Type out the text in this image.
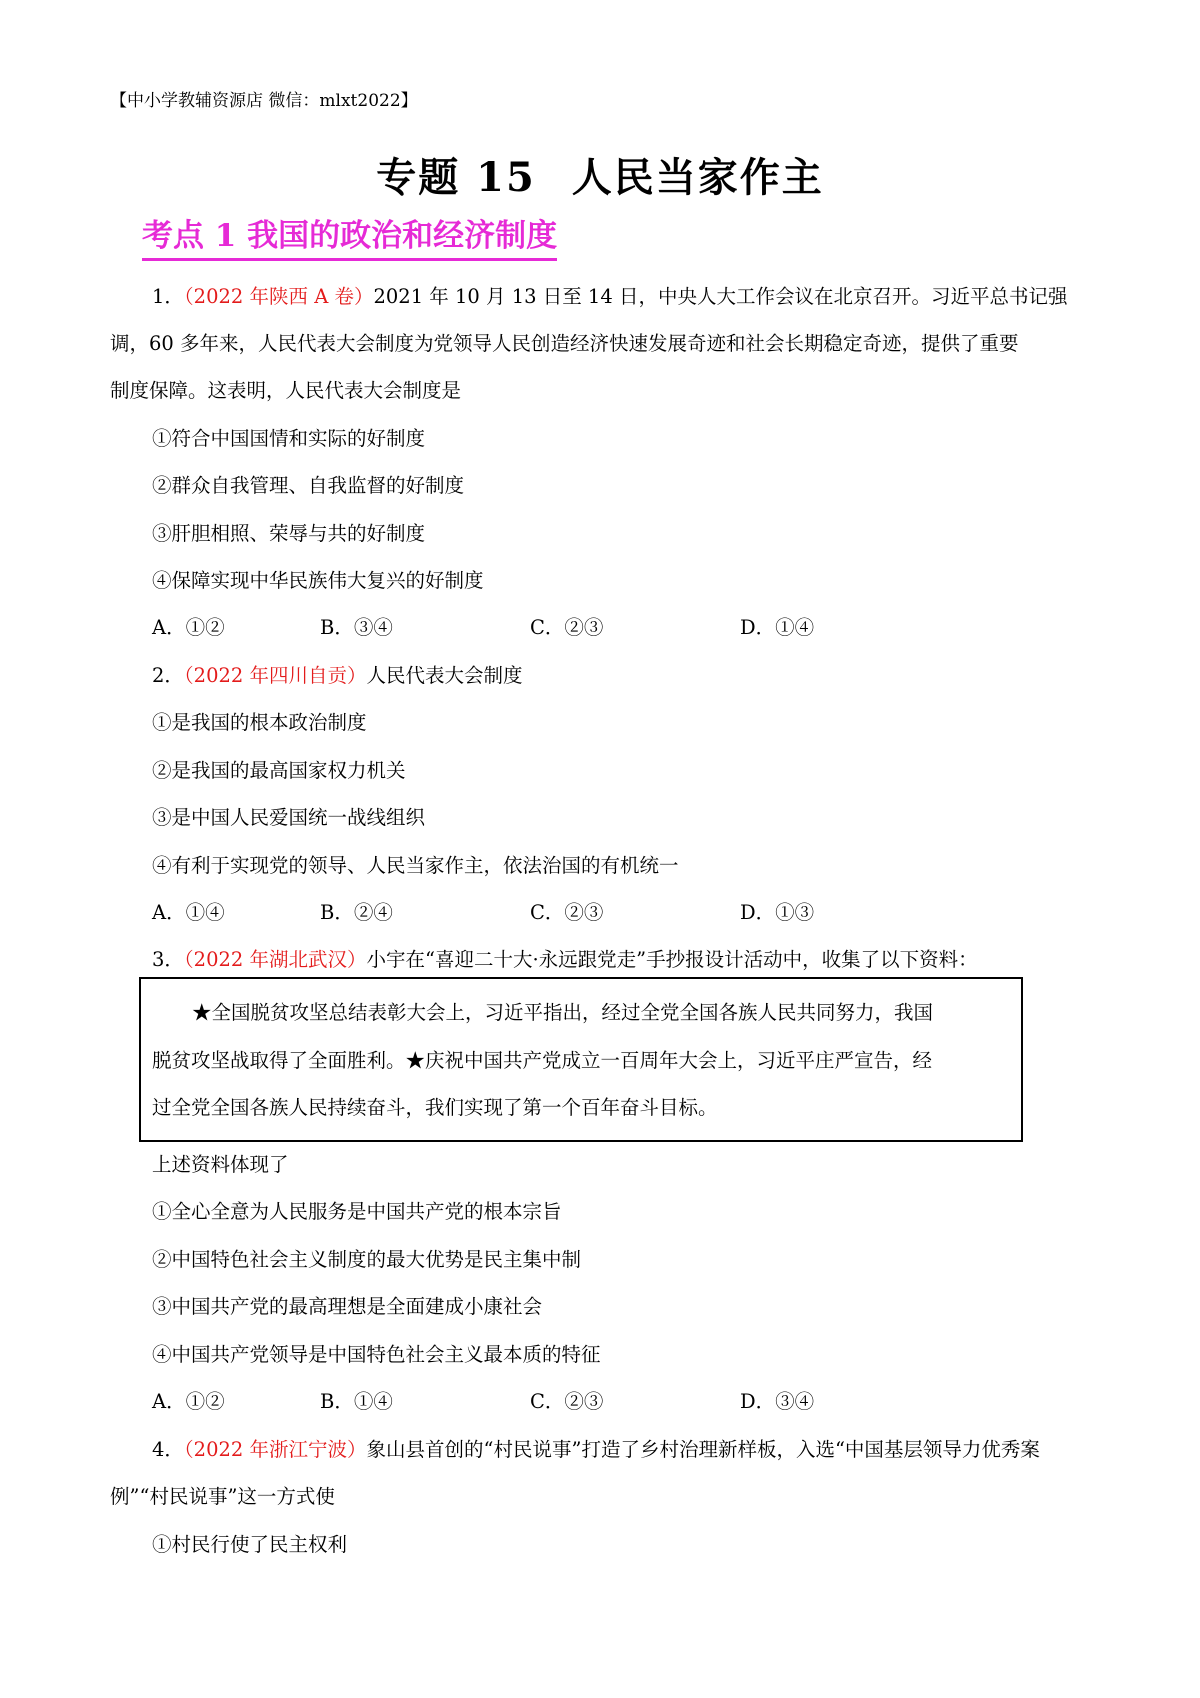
【中小学教辅资源店 微信：mlxt2022】
专题 15 人民当家作主
考点 1 我国的政治和经济制度
1．（2022 年陕西 A 卷）2021 年 10 月 13 日至 14 日，中央人大工作会议在北京召开。习近平总书记强
调，60 多年来，人民代表大会制度为党领导人民创造经济快速发展奇迹和社会长期稳定奇迹，提供了重要
制度保障。这表明，人民代表大会制度是
①符合中国国情和实际的好制度
②群众自我管理、自我监督的好制度
③肝胆相照、荣辱与共的好制度
④保障实现中华民族伟大复兴的好制度
A．①②	B．③④	C．②③	D．①④
2．（2022 年四川自贡）人民代表大会制度
①是我国的根本政治制度
②是我国的最高国家权力机关
③是中国人民爱国统一战线组织
④有利于实现党的领导、人民当家作主，依法治国的有机统一
A．①④	B．②④	C．②③	D．①③
3．（2022 年湖北武汉）小宇在“喜迎二十大·永远跟党走”手抄报设计活动中，收集了以下资料：
★全国脱贫攻坚总结表彰大会上，习近平指出，经过全党全国各族人民共同努力，我国
脱贫攻坚战取得了全面胜利。★庆祝中国共产党成立一百周年大会上，习近平庄严宣告，经
过全党全国各族人民持续奋斗，我们实现了第一个百年奋斗目标。
上述资料体现了
①全心全意为人民服务是中国共产党的根本宗旨
②中国特色社会主义制度的最大优势是民主集中制
③中国共产党的最高理想是全面建成小康社会
④中国共产党领导是中国特色社会主义最本质的特征
A．①②	B．①④	C．②③	D．③④
4．（2022 年浙江宁波）象山县首创的“村民说事”打造了乡村治理新样板，入选“中国基层领导力优秀案
例”“村民说事”这一方式使
①村民行使了民主权利
